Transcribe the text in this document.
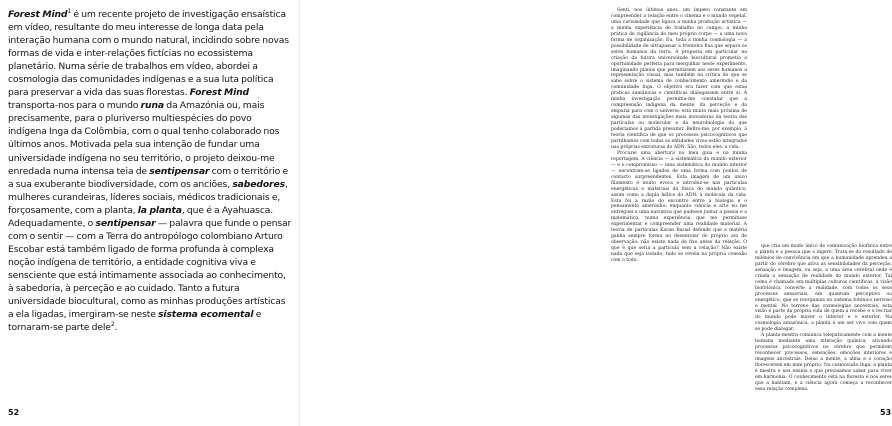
Forest Mind$^1$ é um recente projeto de investigação ensaística em vídeo, resultante do meu interesse de longa data pela interação humana com o mundo natural, incidindo sobre novas formas de vida e inter-relações fictícias no ecossistema planetário. Numa série de trabalhos em vídeo, abordei a cosmologia das comunidades indígenas e a sua luta política para preservar a vida das suas florestas. Forest Mind transporta-nos para o mundo runa da Amazónia ou, mais precisamente, para o pluriverso multiespécies do povo indígena Inga da Colômbia, com o qual tenho colaborado nos últimos anos. Motivada pela sua intenção de fundar uma universidade indígena no seu território, o projeto deixou-me enredada numa intensa teia de sentipensar com o território e a sua exuberante biodiversidade, com os anciões, sabedores, mulheres curandeiras, líderes sociais, médicos tradicionais e, forçosamente, com a planta, la planta, que é a Ayahuasca. Adequadamente, o sentipensar — palavra que funde o pensar com o sentir — com a Terra do antropólogo colombiano Arturo Escobar está também ligado de forma profunda à complexa noção indígena de território, a entidade cognitiva viva e sensciente que está intimamente associada ao conhecimento, à sabedoria, à perceção e ao cuidado. Tanto a futura universidade biocultural, como as minhas produções artísticas a ela ligadas, imergiram-se neste sistema ecomental e tornaram-se parte dele$^2$.

52

Senti, nos últimos anos, um ímpeto constante em compreender a relação entre o cinema e o mundo vegetal, uma curiosidade que ligava a minha produção artística — a minha experiência de trabalho no campo, a minha prática de vigilância do meu próprio corpo — a uma nova forma de organização. Eu, toda a minha cosmologia — a possibilidade de ultrapassar a fronteira fixa que separa os seres humanos da terra. A proposta em particular na criação da futura universidade biocultural prometia a oportunidade perfeita para mergulhar neste experimento, imaginando planos que permitissem aos seres humanos a representação visual, mas também na crítica do que se sabe sobre o sistema de conhecimento ameríndio e da comunidade Inga. O objetivo era fazer com que estas práticas xamânicas e científicas dialogassem entre si. A minha investigação permitiu-me constatar que a compreensão indígena da mente, da perceção e da empatia para com o universo está muito mais próxima de algumas das investigações mais inovadoras da teoria das partículas ou molecular e da neurobiologia do que poderíamos à partida presumir. Refiro-me, por exemplo, à teoria científica de que os processos psicocognitivos que partilhamos com todas as entidades vivas estão integrados nas próprias estruturas do ADN. São, todos eles, a vida.

Procurei uma abertura no meu guia e na minha reportagem. A ciência — a sistemática do mundo exterior — e o compromisso — uma sistemática do mundo interior — encontram-se ligados de uma forma com pontos de contacto surpreendentes. Esta imagem de um único filamento é muito evoca e introduz-se nas partículas energéticas e materiais da física do mundo quântico, assim como a dupla hélice do ADN, à molécula da vida. Esta foi a razão do encontro entre a biologia e o pensamento ameríndio: enquanto ciência e arte eu me entreguei a uma narrativa que pudesse juntar a poesia e a matemática, numa experiência que me permitisse experimentar e compreender uma realidade material. A teoria de partículas Karan Barad defende que a matéria ganha sempre forma no desenrolar do próprio ato de observação: não existe nada de fixo antes da relação. O que é que seria a partícula sem a relação? Não existe nada que seja isolado, tudo se revela na própria conexão com o todo.

que cria um modo único de comunicação biofísica entre a planta e a pessoa que a ingere. Trata-se do resultado de milénios de convivência em que a humanidade aprendeu a partir do cérebro que ativa as sensibilidades da perceção, sensação e imagem, ou seja, a uma área cerebral onde é criada a sensação de realidade do mundo exterior. Tal como é chamado em múltiplas culturas científicas, a visão biofotónica converte a realidade, com todos os seus processos sensoriais, em quantum perceptivo ou energético, que se reorganiza no sistema fotónico nervoso e mental. No terreno das cosmologias ancestrais, esta visão é parte da própria vida de quem a recebe e o recriar do mundo pode mover o interior e o exterior. Na cosmologia amazónica, a planta é um ser vivo com quem se pode dialogar.

A planta-mestra comunica telepaticamente com a mente humana mediante uma interação química, ativando processos psicocognitivos no cérebro que permitem reconhecer processos, sensações, emoções interiores e imagens ancestrais. Deixo a mente, a alma e o coração florescerem em mim próprio. Na cosmovisão Inga, a planta é mestra e nos ensina o que precisamos saber para viver em harmonia. O conhecimento está na floresta e nos seres que a habitam, e a ciência agora começa a reconhecer essa relação complexa.

53
